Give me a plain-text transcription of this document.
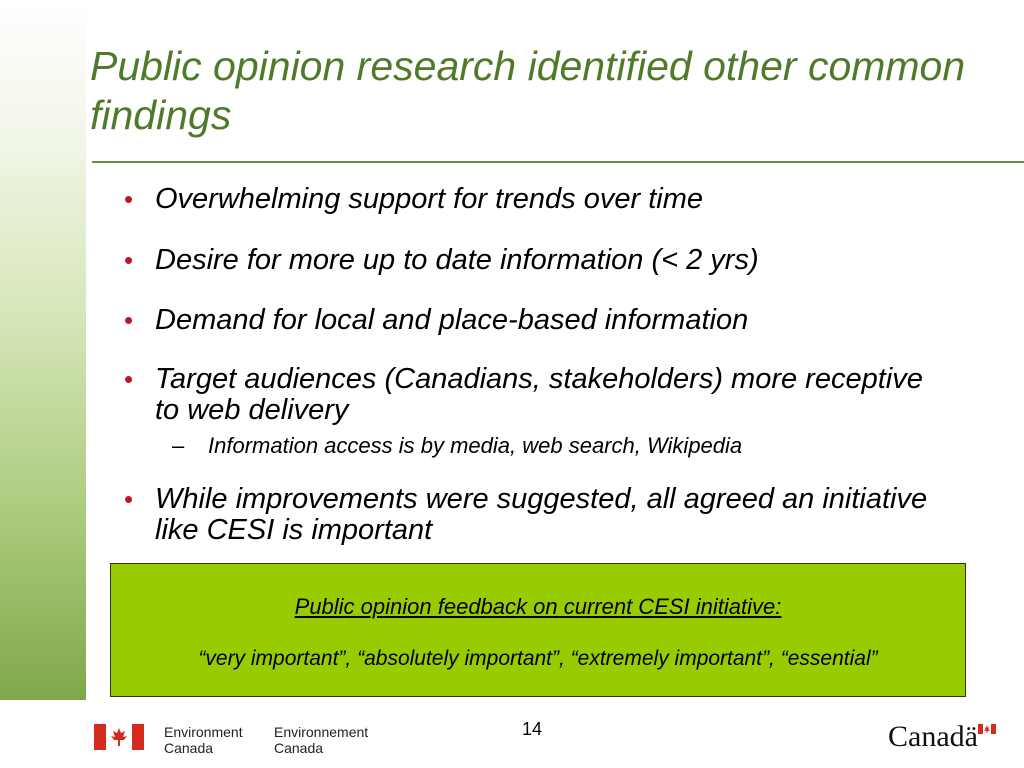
Public opinion research identified other common findings
• Overwhelming support for trends over time
• Desire for more up to date information (< 2 yrs)
• Demand for local and place-based information
• Target audiences (Canadians, stakeholders) more receptive to web delivery
– Information access is by media, web search, Wikipedia
• While improvements were suggested, all agreed an initiative like CESI is important
Public opinion feedback on current CESI initiative:
“very important”, “absolutely important”, “extremely important”, “essential”
Environment Canada
Environnement Canada
14	Canadä
